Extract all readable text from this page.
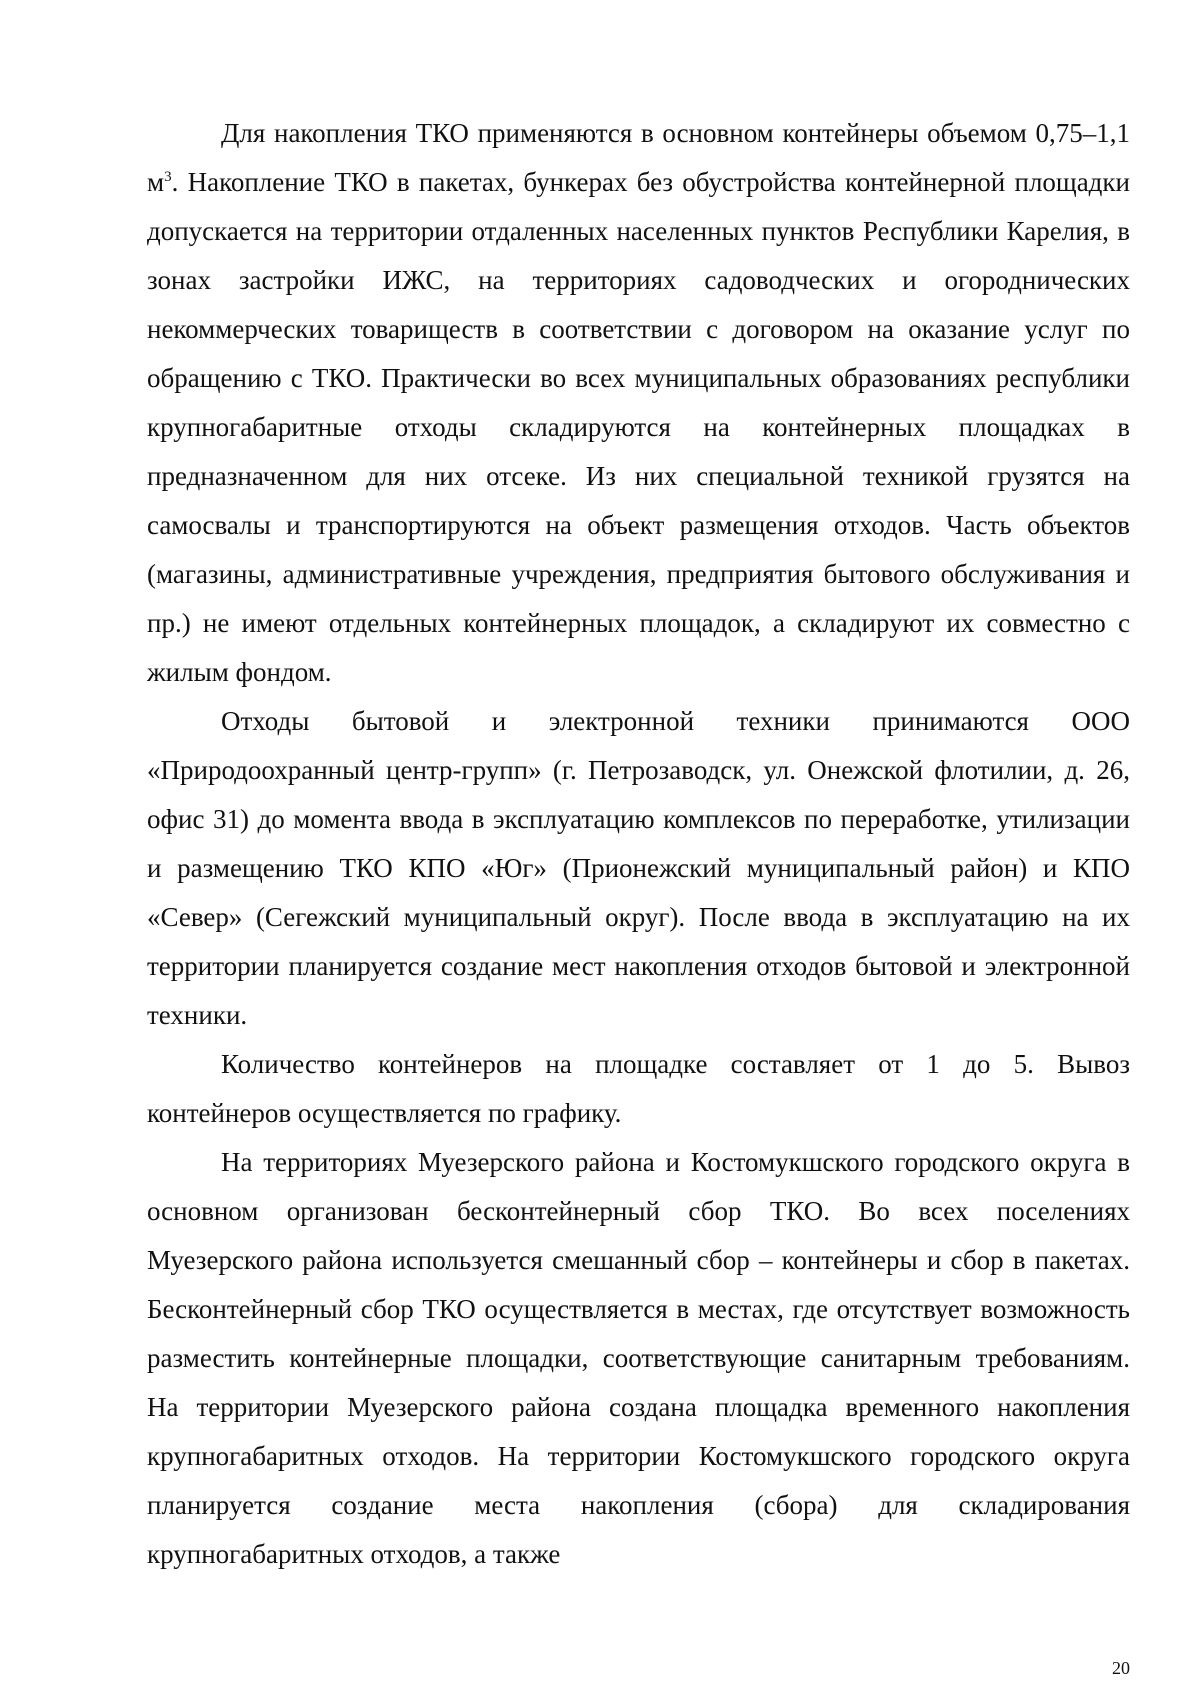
Для накопления ТКО применяются в основном контейнеры объемом 0,75–1,1 $м^3$. Накопление ТКО в пакетах, бункерах без обустройства контейнерной площадки допускается на территории отдаленных населенных пунктов Республики Карелия, в зонах застройки ИЖС, на территориях садоводческих и огороднических некоммерческих товариществ в соответствии с договором на оказание услуг по обращению с ТКО. Практически во всех муниципальных образованиях республики крупногабаритные отходы складируются на контейнерных площадках в предназначенном для них отсеке. Из них специальной техникой грузятся на самосвалы и транспортируются на объект размещения отходов. Часть объектов (магазины, административные учреждения, предприятия бытового обслуживания и пр.) не имеют отдельных контейнерных площадок, а складируют их совместно с жилым фондом.

Отходы бытовой и электронной техники принимаются ООО «Природоохранный центр-групп» (г. Петрозаводск, ул. Онежской флотилии, д. 26, офис 31) до момента ввода в эксплуатацию комплексов по переработке, утилизации и размещению ТКО КПО «Юг» (Прионежский муниципальный район) и КПО «Север» (Сегежский муниципальный округ). После ввода в эксплуатацию на их территории планируется создание мест накопления отходов бытовой и электронной техники.

Количество контейнеров на площадке составляет от 1 до 5. Вывоз контейнеров осуществляется по графику.

На территориях Муезерского района и Костомукшского городского округа в основном организован бесконтейнерный сбор ТКО. Во всех поселениях Муезерского района используется смешанный сбор – контейнеры и сбор в пакетах. Бесконтейнерный сбор ТКО осуществляется в местах, где отсутствует возможность разместить контейнерные площадки, соответствующие санитарным требованиям. На территории Муезерского района создана площадка временного накопления крупногабаритных отходов. На территории Костомукшского городского округа планируется создание места накопления (сбора) для складирования крупногабаритных отходов, а также

20
